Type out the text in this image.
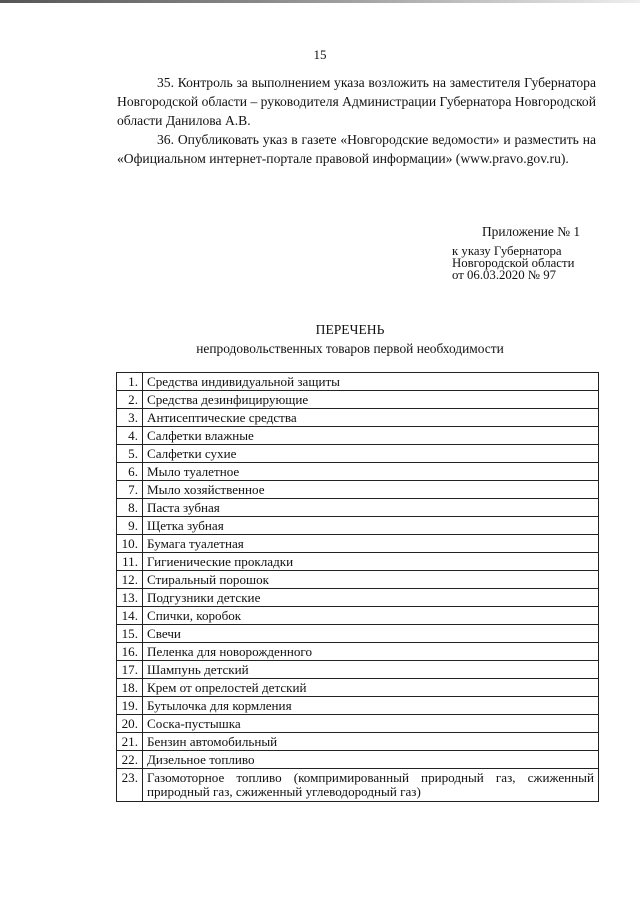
15

35. Контроль за выполнением указа возложить на заместителя Губернатора Новгородской области – руководителя Администрации Губернатора Новгородской области Данилова А.В.

36. Опубликовать указ в газете «Новгородские ведомости» и разместить на «Официальном интернет-портале правовой информации» (www.pravo.gov.ru).

Приложение № 1
к указу Губернатора
Новгородской области
от 06.03.2020 № 97
ПЕРЕЧЕНЬ
непродовольственных товаров первой необходимости
1.	Средства индивидуальной защиты
2.	Средства дезинфицирующие
3.	Антисептические средства
4.	Салфетки влажные
5.	Салфетки сухие
6.	Мыло туалетное
7.	Мыло хозяйственное
8.	Паста зубная
9.	Щетка зубная
10.	Бумага туалетная
11.	Гигиенические прокладки
12.	Стиральный порошок
13.	Подгузники детские
14.	Спички, коробок
15.	Свечи
16.	Пеленка для новорожденного
17.	Шампунь детский
18.	Крем от опрелостей детский
19.	Бутылочка для кормления
20.	Соска-пустышка
21.	Бензин автомобильный
22.	Дизельное топливо
23.	Газомоторное топливо (компримированный природный газ, сжиженный природный газ, сжиженный углеводородный газ)
